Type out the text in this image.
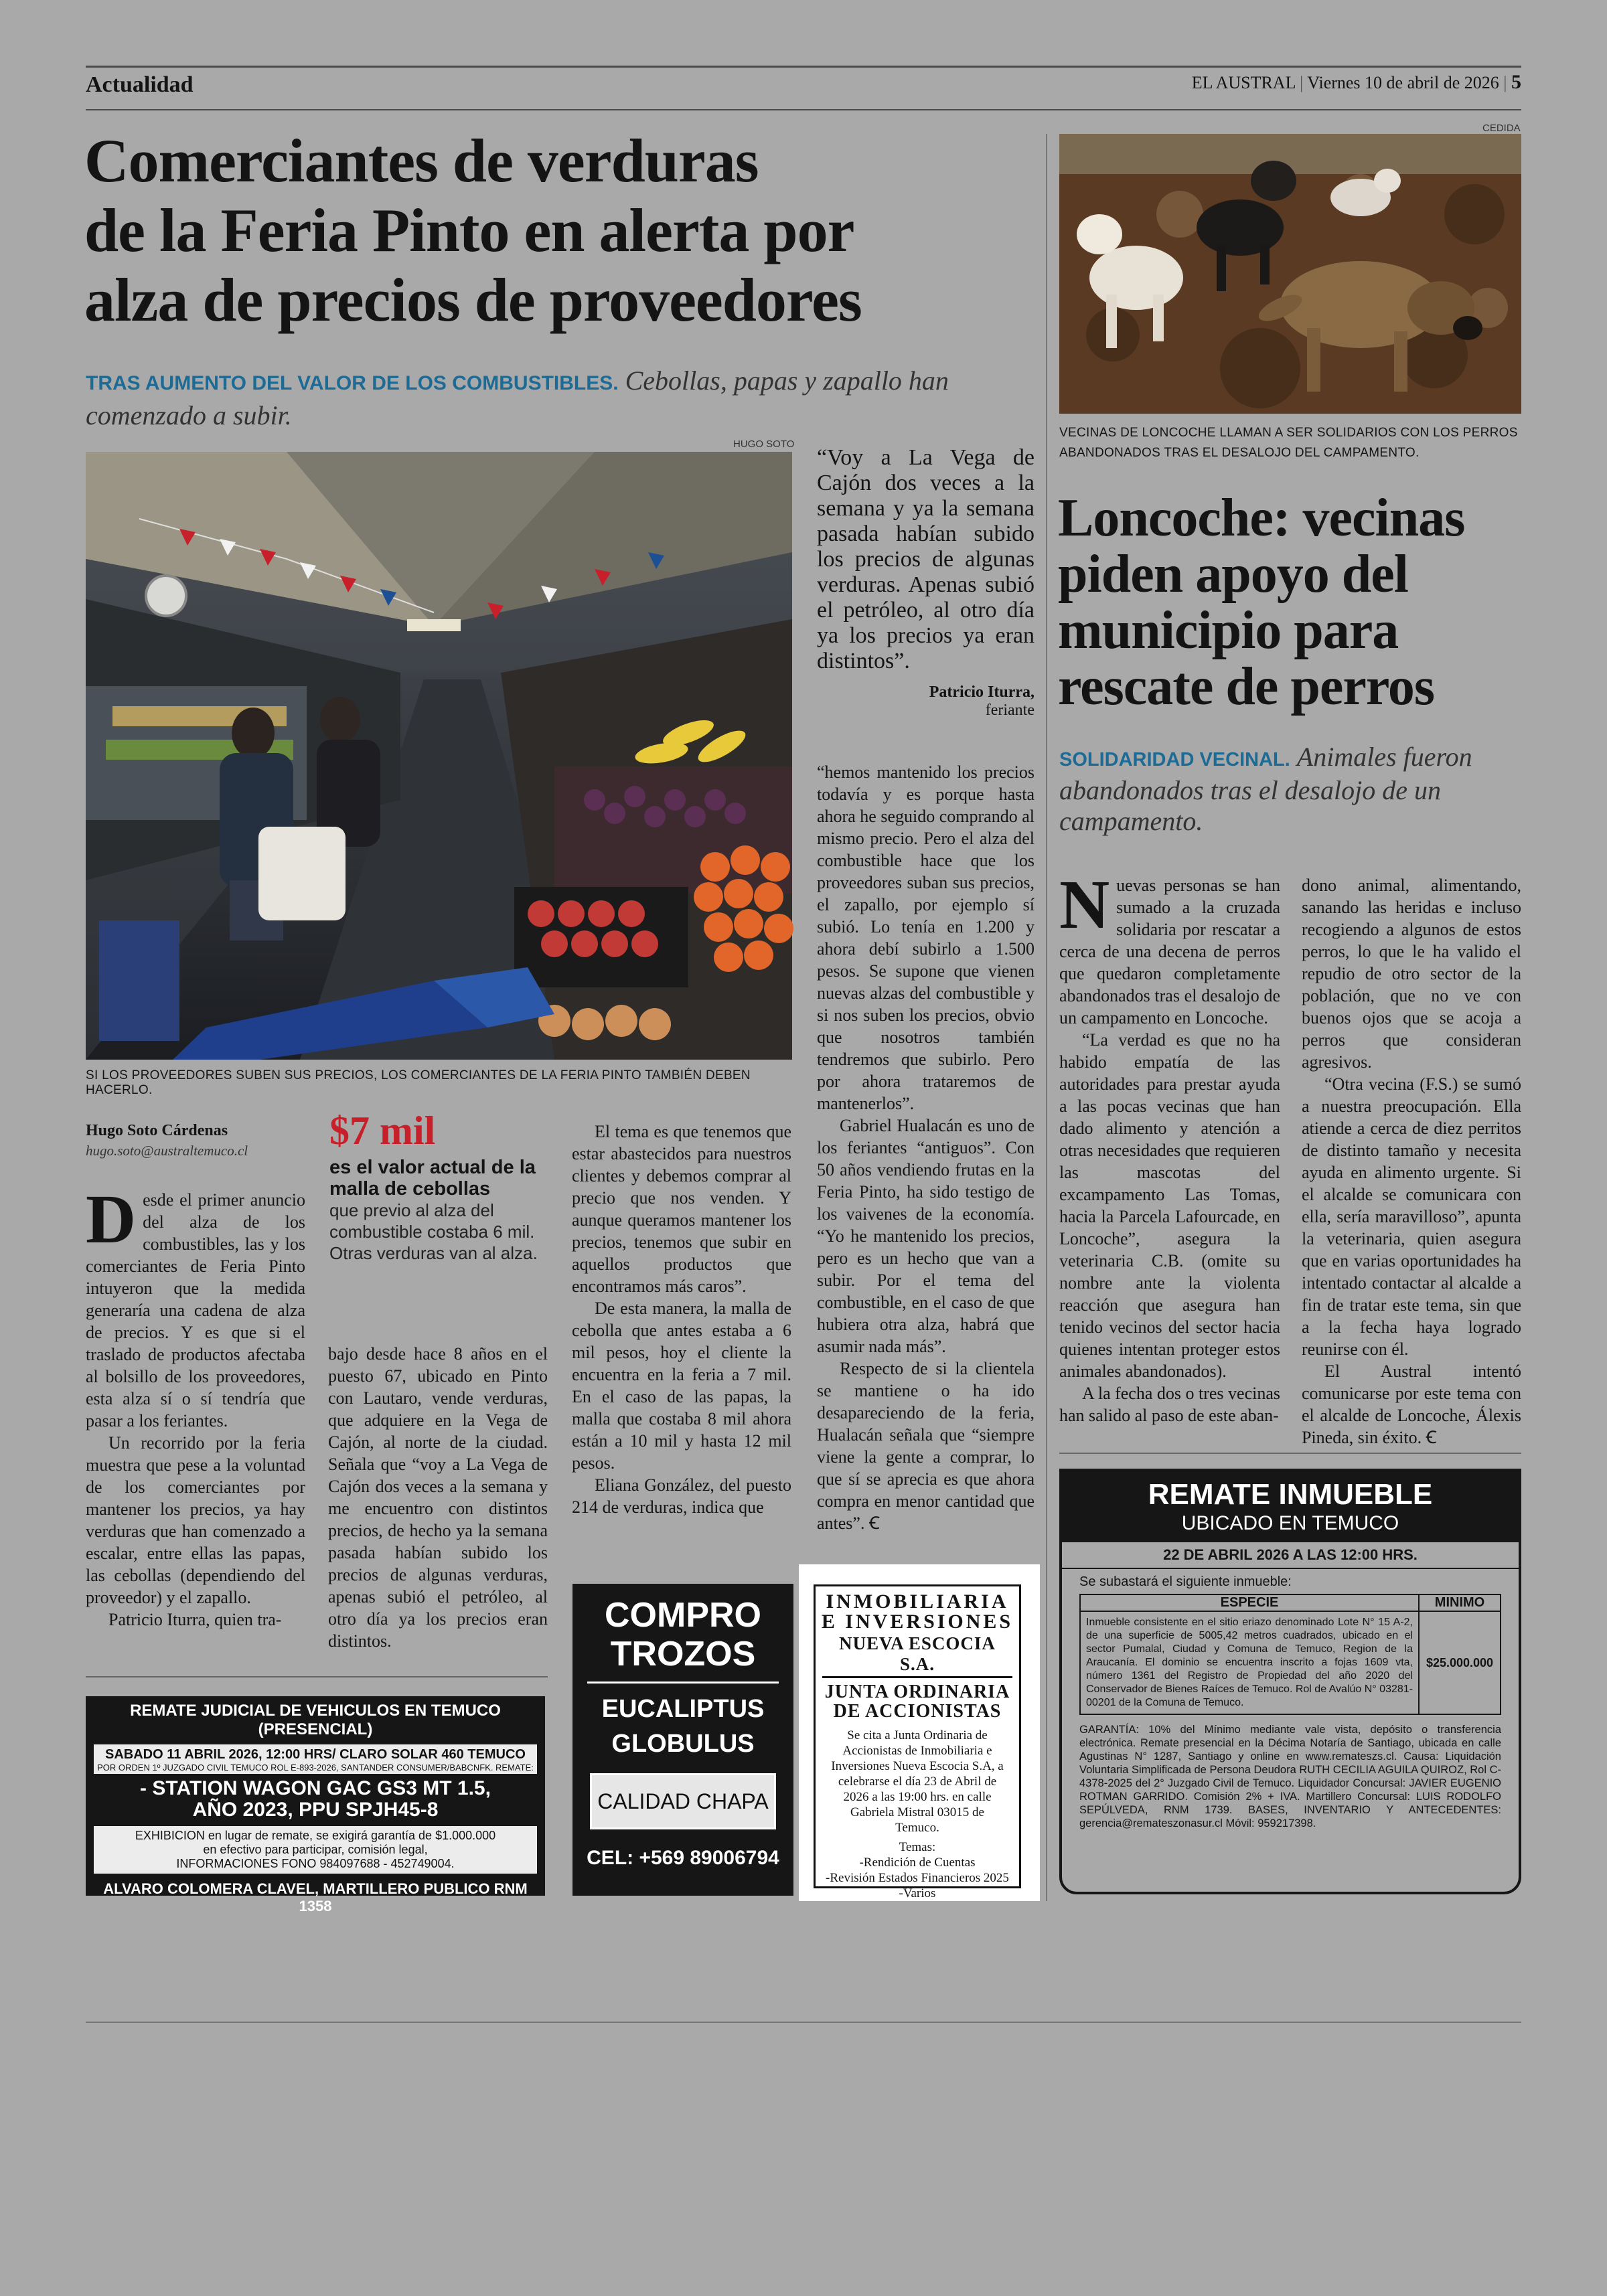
Actualidad	EL AUSTRAL | Viernes 10 de abril de 2026 | 5
Comerciantes de verduras
de la Feria Pinto en alerta por
alza de precios de proveedores
TRAS AUMENTO DEL VALOR DE LOS COMBUSTIBLES. Cebollas, papas y zapallo han
comenzado a subir.
HUGO SOTO
SI LOS PROVEEDORES SUBEN SUS PRECIOS, LOS COMERCIANTES DE LA FERIA PINTO TAMBIÉN DEBEN HACERLO.
“Voy a La Vega de Cajón dos veces a la semana y ya la semana pasada habían subido los precios de algunas verduras. Apenas subió el petróleo, al otro día ya los precios ya eran distintos”.
Patricio Iturra,
feriante
Hugo Soto Cárdenas
hugo.soto@australtemuco.cl	$7 mil
es el valor actual de la malla de cebollas
que previo al alza del combustible costaba 6 mil. Otras verduras van al alza.

Desde el primer anuncio del alza de los combustibles, las y los comerciantes de Feria Pinto intuyeron que la medida generaría una cadena de alza de precios. Y es que si el traslado de productos afectaba al bolsillo de los proveedores, esta alza sí o sí tendría que pasar a los feriantes.

Un recorrido por la feria muestra que pese a la voluntad de los comerciantes por mantener los precios, ya hay verduras que han comenzado a escalar, entre ellas las papas, las cebollas (dependiendo del proveedor) y el zapallo.

Patricio Iturra, quien tra-

bajo desde hace 8 años en el puesto 67, ubicado en Pinto con Lautaro, vende verduras, que adquiere en la Vega de Cajón, al norte de la ciudad. Señala que “voy a La Vega de Cajón dos veces a la semana y me encuentro con distintos precios, de hecho ya la semana pasada habían subido los precios de algunas verduras, apenas subió el petróleo, al otro día ya los precios eran distintos.

El tema es que tenemos que estar abastecidos para nuestros clientes y debemos comprar al precio que nos venden. Y aunque queramos mantener los precios, tenemos que subir en aquellos productos que encontramos más caros”.

De esta manera, la malla de cebolla que antes estaba a 6 mil pesos, hoy el cliente la encuentra en la feria a 7 mil. En el caso de las papas, la malla que costaba 8 mil ahora están a 10 mil y hasta 12 mil pesos.

Eliana González, del puesto 214 de verduras, indica que

“hemos mantenido los precios todavía y es porque hasta ahora he seguido comprando al mismo precio. Pero el alza del combustible hace que los proveedores suban sus precios, el zapallo, por ejemplo sí subió. Lo tenía en 1.200 y ahora debí subirlo a 1.500 pesos. Se supone que vienen nuevas alzas del combustible y si nos suben los precios, obvio que nosotros también tendremos que subirlo. Pero por ahora trataremos de mantenerlos”.

Gabriel Hualacán es uno de los feriantes “antiguos”. Con 50 años vendiendo frutas en la Feria Pinto, ha sido testigo de los vaivenes de la economía. “Yo he mantenido los precios, pero es un hecho que van a subir. Por el tema del combustible, en el caso de que hubiera otra alza, habrá que asumir nada más”.

Respecto de si la clientela se mantiene o ha ido desapareciendo de la feria, Hualacán señala que “siempre viene la gente a comprar, lo que sí se aprecia es que ahora compra en menor cantidad que antes”. Ꞓ

REMATE JUDICIAL DE VEHICULOS EN TEMUCO (PRESENCIAL)
SABADO 11 ABRIL 2026, 12:00 HRS/ CLARO SOLAR 460 TEMUCO
POR ORDEN 1º JUZGADO CIVIL TEMUCO ROL E-893-2026, SANTANDER CONSUMER/BABCNFK. REMATE:
- STATION WAGON GAC GS3 MT 1.5,
AÑO 2023, PPU SPJH45-8
EXHIBICION en lugar de remate, se exigirá garantía de $1.000.000
en efectivo para participar, comisión legal,
INFORMACIONES FONO 984097688 - 452749004.
ALVARO COLOMERA CLAVEL, MARTILLERO PUBLICO RNM 1358
COMPRO
TROZOS
EUCALIPTUS
GLOBULUS
CALIDAD CHAPA
CEL: +569 89006794
INMOBILIARIA
E INVERSIONES
NUEVA ESCOCIA S.A.
JUNTA ORDINARIA
DE ACCIONISTAS
Se cita a Junta Ordinaria de Accionistas de Inmobiliaria e Inversiones Nueva Escocia S.A, a celebrarse el día 23 de Abril de 2026 a las 19:00 hrs. en calle Gabriela Mistral 03015 de Temuco.
Temas:
-Rendición de Cuentas
-Revisión Estados Financieros 2025
-Varios
CEDIDA
VECINAS DE LONCOCHE LLAMAN A SER SOLIDARIOS CON LOS PERROS ABANDONADOS TRAS EL DESALOJO DEL CAMPAMENTO.
Loncoche: vecinas
piden apoyo del
municipio para
rescate de perros
SOLIDARIDAD VECINAL. Animales fueron abandonados tras el desalojo de un campamento.

Nuevas personas se han sumado a la cruzada solidaria por rescatar a cerca de una decena de perros que quedaron completamente abandonados tras el desalojo de un campamento en Loncoche.

“La verdad es que no ha habido empatía de las autoridades para prestar ayuda a las pocas vecinas que han dado alimento y atención a otras necesidades que requieren las mascotas del excampamento Las Tomas, hacia la Parcela Lafourcade, en Loncoche”, asegura la veterinaria C.B. (omite su nombre ante la violenta reacción que asegura han tenido vecinos del sector hacia quienes intentan proteger estos animales abandonados).

A la fecha dos o tres vecinas han salido al paso de este aban-

dono animal, alimentando, sanando las heridas e incluso recogiendo a algunos de estos perros, lo que le ha valido el repudio de otro sector de la población, que no ve con buenos ojos que se acoja a perros que consideran agresivos.

“Otra vecina (F.S.) se sumó a nuestra preocupación. Ella atiende a cerca de diez perritos de distinto tamaño y necesita ayuda en alimento urgente. Si el alcalde se comunicara con ella, sería maravilloso”, apunta la veterinaria, quien asegura que en varias oportunidades ha intentado contactar al alcalde a fin de tratar este tema, sin que a la fecha haya logrado reunirse con él.

El Austral intentó comunicarse por este tema con el alcalde de Loncoche, Álexis Pineda, sin éxito. Ꞓ

REMATE INMUEBLE
UBICADO EN TEMUCO
22 DE ABRIL 2026 A LAS 12:00 HRS.
Se subastará el siguiente inmueble:
ESPECIE	MINIMO
Inmueble consistente en el sitio eriazo denominado Lote N° 15 A-2, de una superficie de 5005,42 metros cuadrados, ubicado en el sector Pumalal, Ciudad y Comuna de Temuco, Region de la Araucanía. El dominio se encuentra inscrito a fojas 1609 vta, número 1361 del Registro de Propiedad del año 2020 del Conservador de Bienes Raíces de Temuco. Rol de Avalúo N° 03281-00201 de la Comuna de Temuco.
$25.000.000
GARANTÍA: 10% del Mínimo mediante vale vista, depósito o transferencia electrónica. Remate presencial en la Décima Notaría de Santiago, ubicada en calle Agustinas N° 1287, Santiago y online en www.remateszs.cl. Causa: Liquidación Voluntaria Simplificada de Persona Deudora RUTH CECILIA AGUILA QUIROZ, Rol C-4378-2025 del 2° Juzgado Civil de Temuco. Liquidador Concursal: JAVIER EUGENIO ROTMAN GARRIDO. Comisión 2% + IVA. Martillero Concursal: LUIS RODOLFO SEPÚLVEDA, RNM 1739. BASES, INVENTARIO Y ANTECEDENTES: gerencia@remateszonasur.cl Móvil: 959217398.
